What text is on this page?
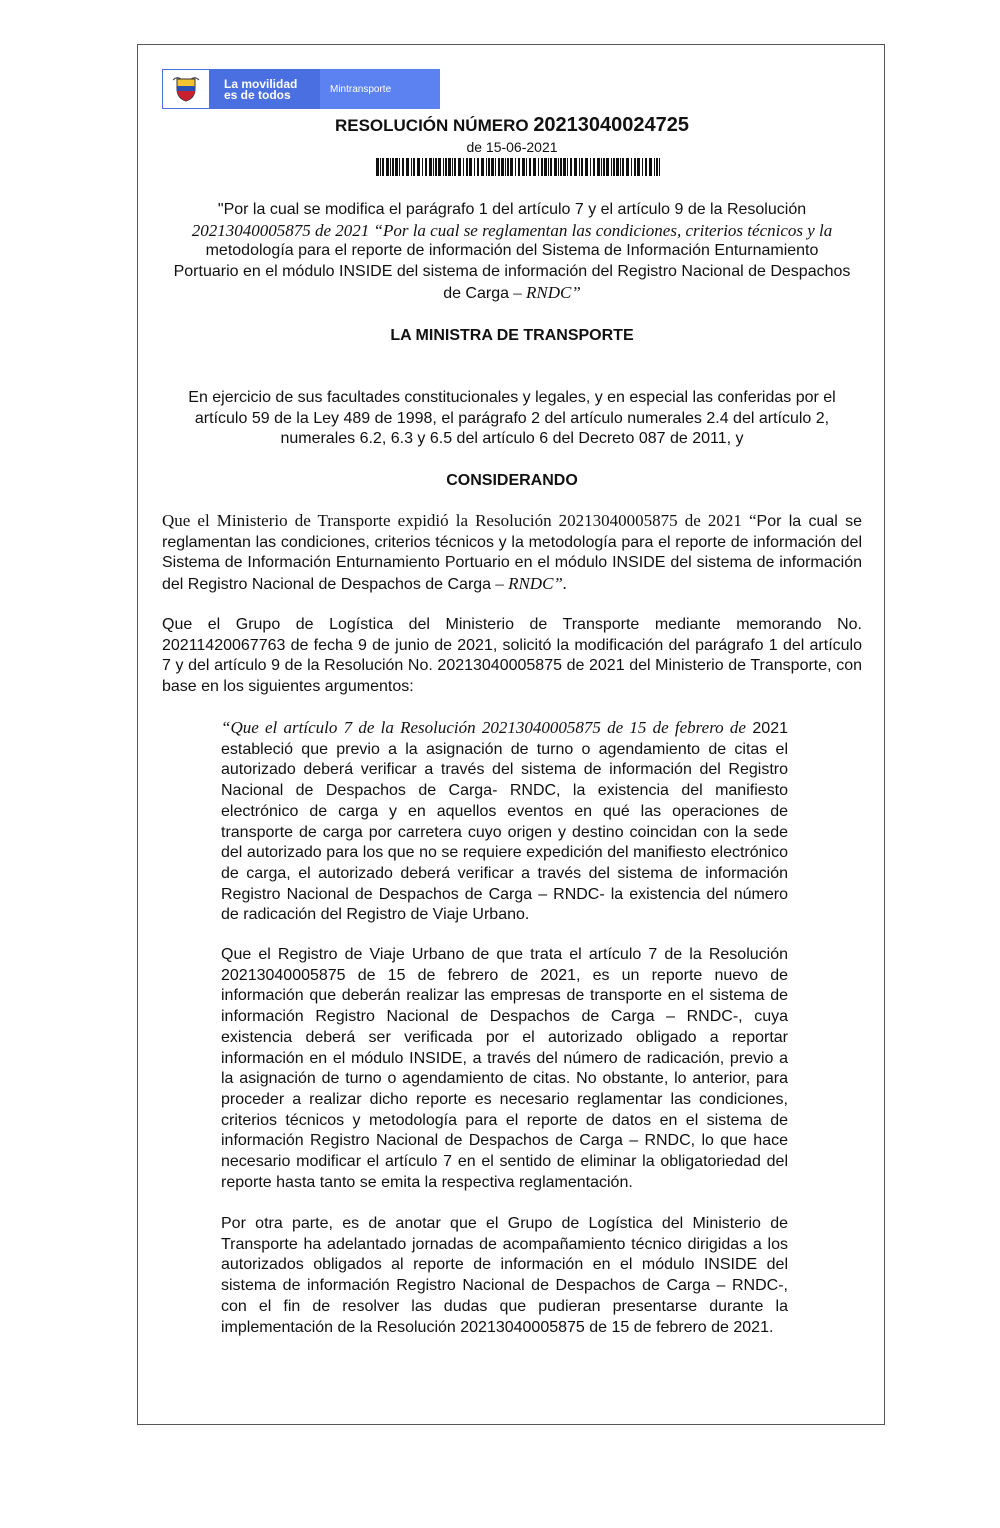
La movilidad
es de todos	Mintransporte
RESOLUCIÓN NÚMERO 20213040024725
de 15-06-2021
"Por la cual se modifica el parágrafo 1 del artículo 7 y el artículo 9 de la Resolución
20213040005875 de 2021 “Por la cual se reglamentan las condiciones, criterios técnicos y la
metodología para el reporte de información del Sistema de Información Enturnamiento
Portuario en el módulo INSIDE del sistema de información del Registro Nacional de Despachos
de Carga – RNDC”
LA MINISTRA DE TRANSPORTE
En ejercicio de sus facultades constitucionales y legales, y en especial las conferidas por el
artículo 59 de la Ley 489 de 1998, el parágrafo 2 del artículo numerales 2.4 del artículo 2,
numerales 6.2, 6.3 y 6.5 del artículo 6 del Decreto 087 de 2011, y
CONSIDERANDO
Que el Ministerio de Transporte expidió la Resolución 20213040005875 de 2021 “Por la cual se reglamentan las condiciones, criterios técnicos y la metodología para el reporte de información del Sistema de Información Enturnamiento Portuario en el módulo INSIDE del sistema de información del Registro Nacional de Despachos de Carga – RNDC”.
Que el Grupo de Logística del Ministerio de Transporte mediante memorando No. 20211420067763 de fecha 9 de junio de 2021, solicitó la modificación del parágrafo 1 del artículo 7 y del artículo 9 de la Resolución No. 20213040005875 de 2021 del Ministerio de Transporte, con base en los siguientes argumentos:
“Que el artículo 7 de la Resolución 20213040005875 de 15 de febrero de 2021 estableció que previo a la asignación de turno o agendamiento de citas el autorizado deberá verificar a través del sistema de información del Registro Nacional de Despachos de Carga- RNDC, la existencia del manifiesto electrónico de carga y en aquellos eventos en qué las operaciones de transporte de carga por carretera cuyo origen y destino coincidan con la sede del autorizado para los que no se requiere expedición del manifiesto electrónico de carga, el autorizado deberá verificar a través del sistema de información Registro Nacional de Despachos de Carga – RNDC- la existencia del número de radicación del Registro de Viaje Urbano.
Que el Registro de Viaje Urbano de que trata el artículo 7 de la Resolución 20213040005875 de 15 de febrero de 2021, es un reporte nuevo de información que deberán realizar las empresas de transporte en el sistema de información Registro Nacional de Despachos de Carga – RNDC-, cuya existencia deberá ser verificada por el autorizado obligado a reportar información en el módulo INSIDE, a través del número de radicación, previo a la asignación de turno o agendamiento de citas. No obstante, lo anterior, para proceder a realizar dicho reporte es necesario reglamentar las condiciones, criterios técnicos y metodología para el reporte de datos en el sistema de información Registro Nacional de Despachos de Carga – RNDC, lo que hace necesario modificar el artículo 7 en el sentido de eliminar la obligatoriedad del reporte hasta tanto se emita la respectiva reglamentación.
Por otra parte, es de anotar que el Grupo de Logística del Ministerio de Transporte ha adelantado jornadas de acompañamiento técnico dirigidas a los autorizados obligados al reporte de información en el módulo INSIDE del sistema de información Registro Nacional de Despachos de Carga – RNDC-, con el fin de resolver las dudas que pudieran presentarse durante la implementación de la Resolución 20213040005875 de 15 de febrero de 2021.
